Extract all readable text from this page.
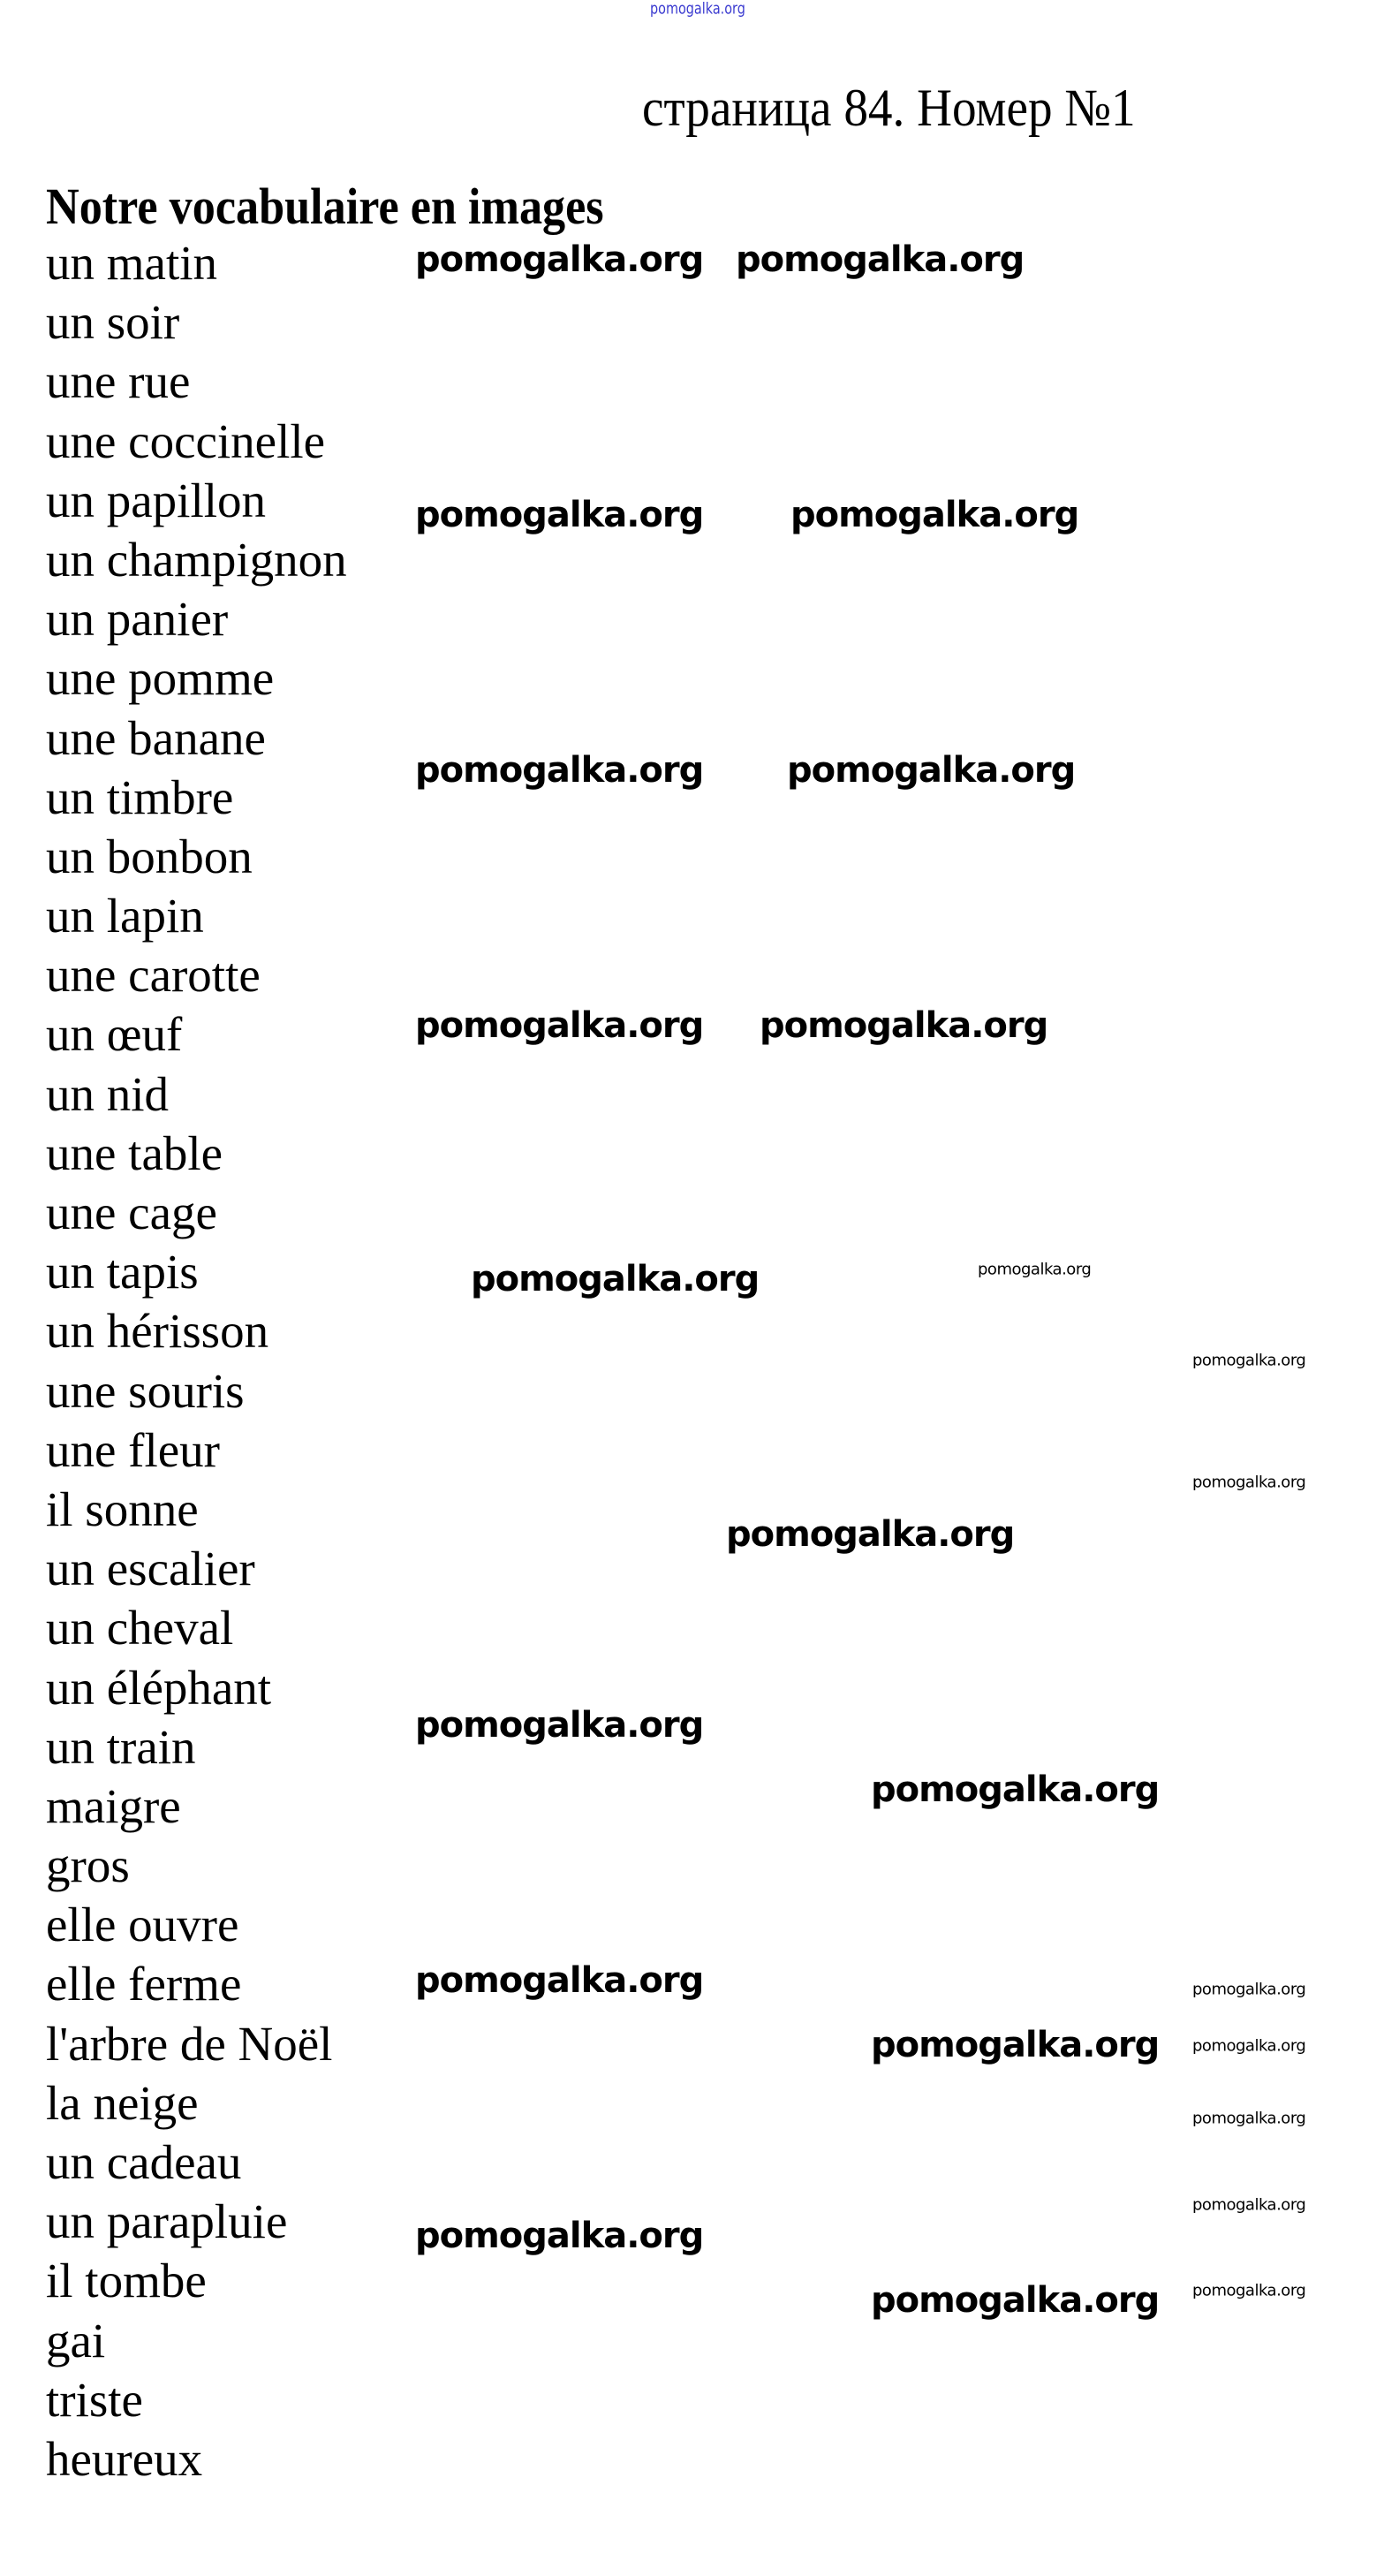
pomogalka.org
страница 84. Номер №1
Notre vocabulaire en images
un matin
un soir
une rue
une coccinelle
un papillon
un champignon
un panier
une pomme
une banane
un timbre
un bonbon
un lapin
une carotte
un œuf
un nid
une table
une cage
un tapis
un hérisson
une souris
une fleur
il sonne
un escalier
un cheval
un éléphant
un train
maigre
gros
elle ouvre
elle ferme
l'arbre de Noël
la neige
un cadeau
un parapluie
il tombe
gai
triste
heureux
pomogalka.org pomogalka.org
pomogalka.org pomogalka.org
pomogalka.org pomogalka.org
pomogalka.org pomogalka.org
pomogalka.org
pomogalka.org
pomogalka.org
pomogalka.org
pomogalka.org
pomogalka.org
pomogalka.org
pomogalka.org
pomogalka.org
pomogalka.org
pomogalka.org
pomogalka.org
pomogalka.org
pomogalka.org
pomogalka.org
pomogalka.org
